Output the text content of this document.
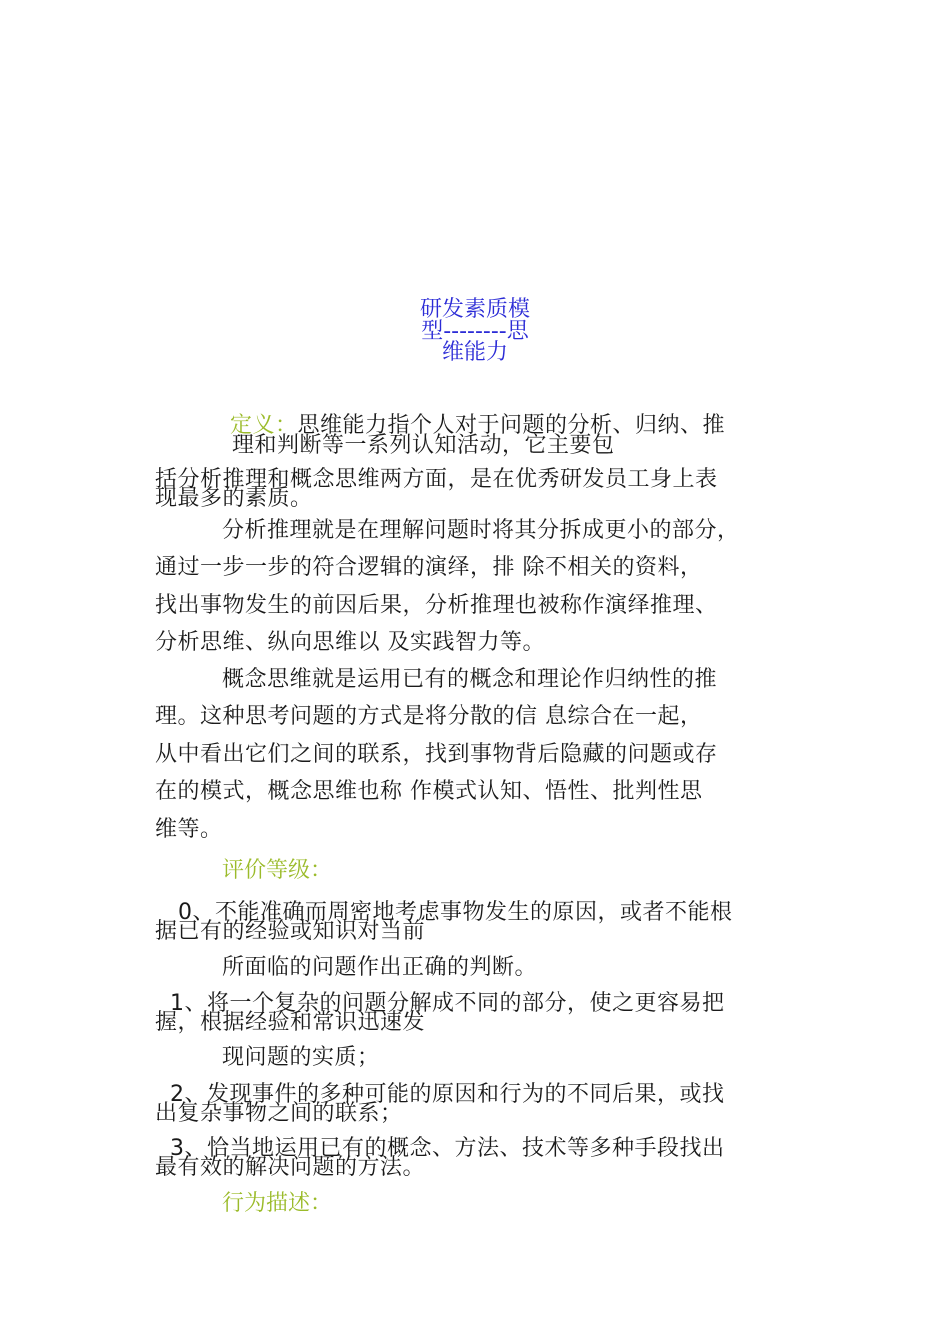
研发素质模
型--------思
维能力
定义：思维能力指个人对于问题的分析、归纳、推
理和判断等一系列认知活动，它主要包
括分析推理和概念思维两方面，是在优秀研发员工身上表
现最多的素质。
分析推理就是在理解问题时将其分拆成更小的部分，
通过一步一步的符合逻辑的演绎，排 除不相关的资料，
找出事物发生的前因后果，分析推理也被称作演绎推理、
分析思维、纵向思维以 及实践智力等。
概念思维就是运用已有的概念和理论作归纳性的推
理。这种思考问题的方式是将分散的信 息综合在一起，
从中看出它们之间的联系，找到事物背后隐藏的问题或存
在的模式，概念思维也称 作模式认知、悟性、批判性思
维等。
评价等级：
0、不能准确而周密地考虑事物发生的原因，或者不能根
据已有的经验或知识对当前
所面临的问题作出正确的判断。
1、将一个复杂的问题分解成不同的部分，使之更容易把
握，根据经验和常识迅速发
现问题的实质；
2、发现事件的多种可能的原因和行为的不同后果，或找
出复杂事物之间的联系；
3、恰当地运用已有的概念、方法、技术等多种手段找出
最有效的解决问题的方法。
行为描述：
